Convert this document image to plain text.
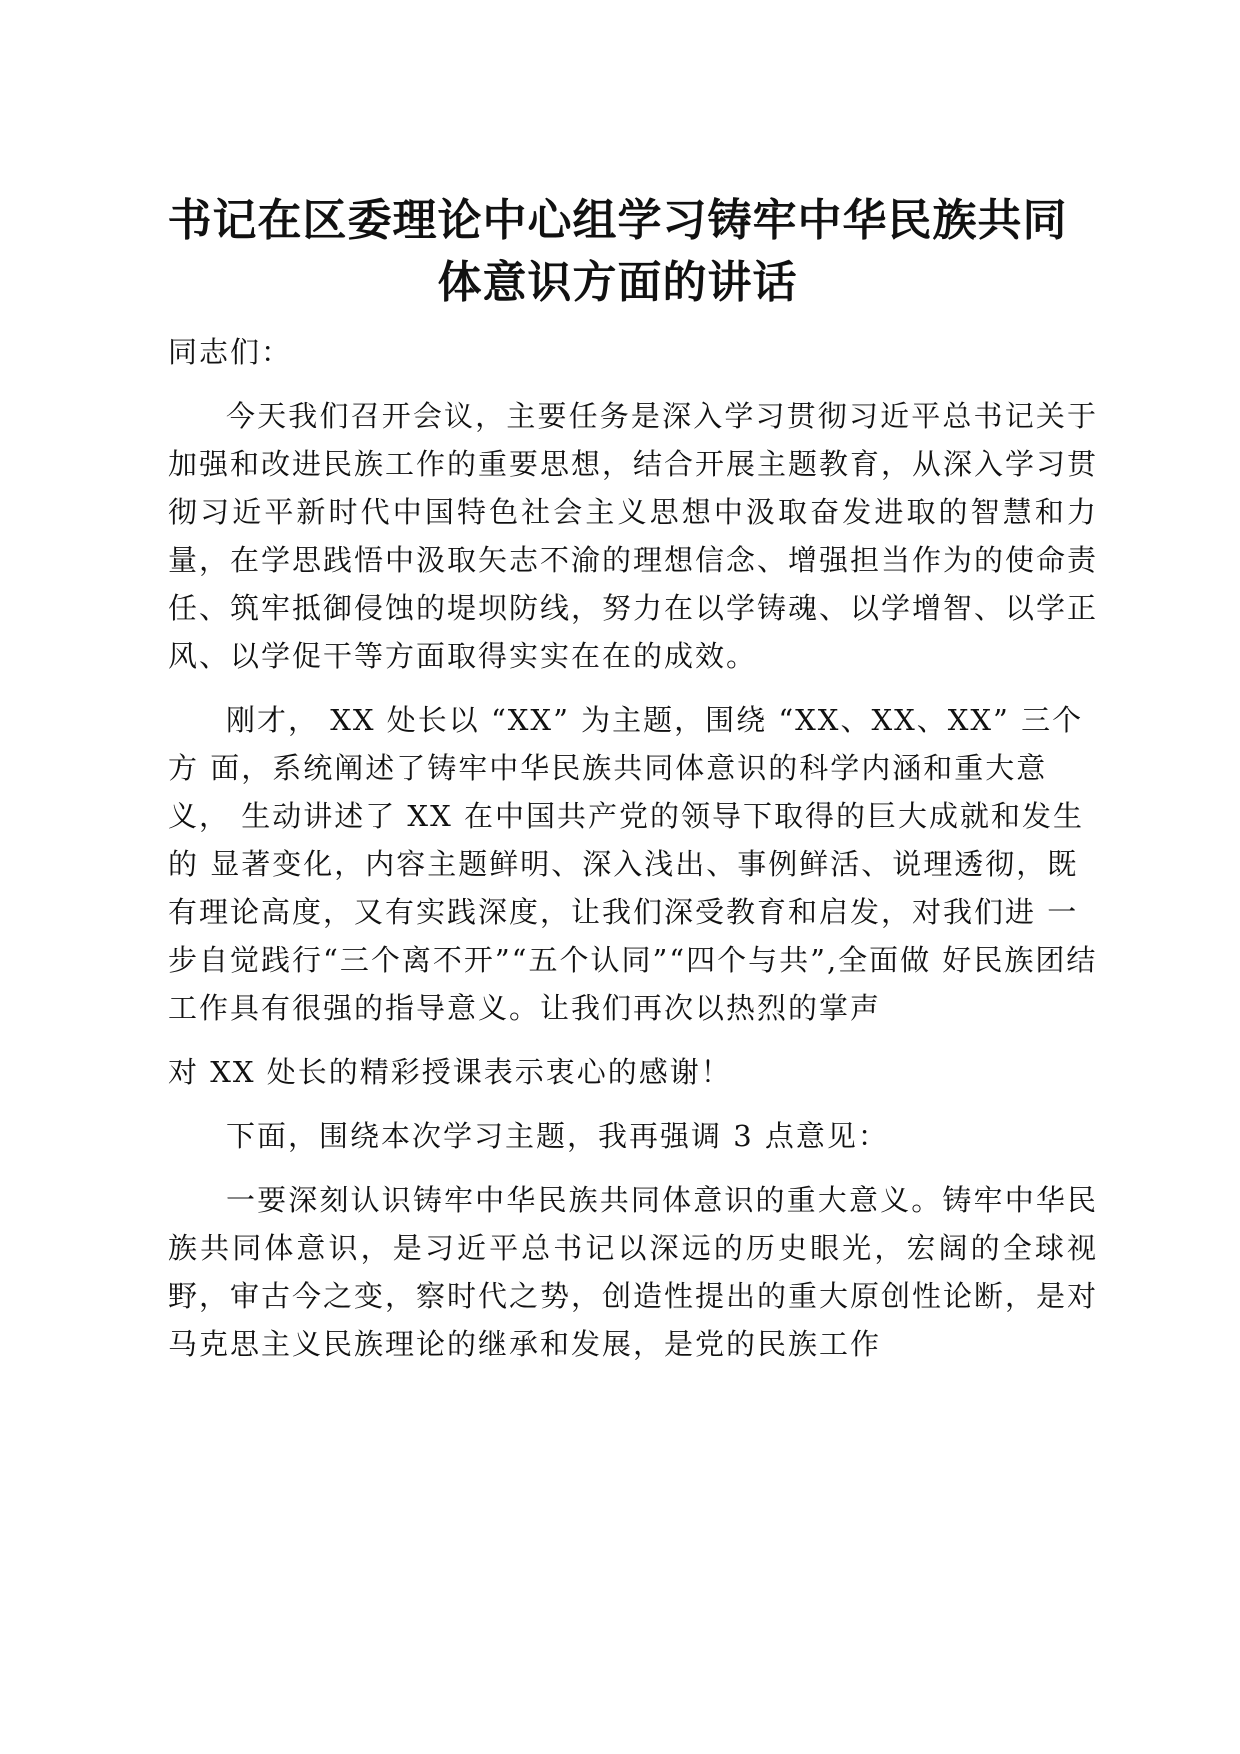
书记在区委理论中心组学习铸牢中华民族共同体意识方面的讲话

同志们：

今天我们召开会议，主要任务是深入学习贯彻习近平总书记关于加强和改进民族工作的重要思想，结合开展主题教育，从深入学习贯彻习近平新时代中国特色社会主义思想中汲取奋发进取的智慧和力量，在学思践悟中汲取矢志不渝的理想信念、增强担当作为的使命责任、筑牢抵御侵蚀的堤坝防线，努力在以学铸魂、以学增智、以学正风、以学促干等方面取得实实在在的成效。

刚才， XX 处长以 “XX” 为主题，围绕 “XX、XX、XX” 三个方 面，系统阐述了铸牢中华民族共同体意识的科学内涵和重大意义， 生动讲述了 XX 在中国共产党的领导下取得的巨大成就和发生的 显著变化，内容主题鲜明、深入浅出、事例鲜活、说理透彻，既 有理论高度，又有实践深度，让我们深受教育和启发，对我们进 一步自觉践行“三个离不开”“五个认同”“四个与共”,全面做 好民族团结工作具有很强的指导意义。让我们再次以热烈的掌声

对 XX 处长的精彩授课表示衷心的感谢！

下面，围绕本次学习主题，我再强调 3 点意见：

一要深刻认识铸牢中华民族共同体意识的重大意义。铸牢中华民族共同体意识，是习近平总书记以深远的历史眼光，宏阔的全球视野，审古今之变，察时代之势，创造性提出的重大原创性论断，是对马克思主义民族理论的继承和发展，是党的民族工作
